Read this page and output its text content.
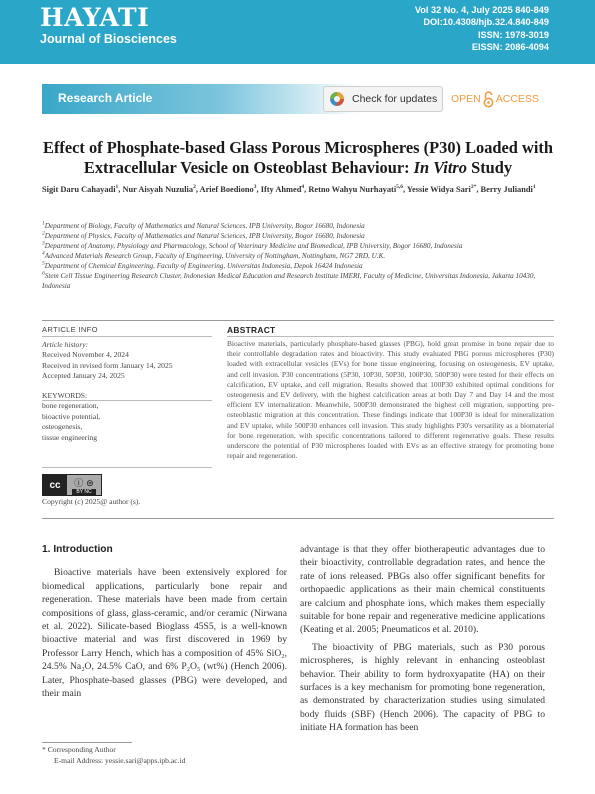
HAYATI
Journal of Biosciences
Vol 32 No. 4, July 2025 840-849
DOI:10.4308/hjb.32.4.840-849
ISSN: 1978-3019
EISSN: 2086-4094
Research Article	Check for updates OPEN ACCESS
Effect of Phosphate-based Glass Porous Microspheres (P30) Loaded with Extracellular Vesicle on Osteoblast Behaviour: In Vitro Study
Sigit Daru Cahayadi$^1$, Nur Aisyah Nuzulia$^2$, Arief Boediono$^3$, Ifty Ahmed$^4$, Retno Wahyu Nurhayati$^{5,6}$, Yessie Widya Sari$^{2*}$, Berry Juliandi$^1$

$^1$Department of Biology, Faculty of Mathematics and Natural Sciences, IPB University, Bogor 16680, Indonesia

$^2$Department of Physics, Faculty of Mathematics and Natural Sciences, IPB University, Bogor 16680, Indonesia

$^3$Department of Anatomy, Physiology and Pharmacology, School of Veterinary Medicine and Biomedical, IPB University, Bogor 16680, Indonesia

$^4$Advanced Materials Research Group, Faculty of Engineering, University of Nottingham, Nottingham, NG7 2RD, U.K.

$^5$Department of Chemical Engineering, Faculty of Engineering, Universitas Indonesia, Depok 16424 Indonesia

$^6$Stem Cell Tissue Engineering Research Cluster, Indonesian Medical Education and Research Institute IMERI, Faculty of Medicine, Universitas Indonesia, Jakarta 10430, Indonesia

ARTICLE INFO
Article history:
Received November 4, 2024
Received in revised form January 14, 2025
Accepted January 24, 2025
KEYWORDS:
bone regeneration,
bioactive potential,
osteogenesis,
tissue engineering
cc	ⓘ ⊜
BY NC
Copyright (c) 2025@ author (s).
ABSTRACT
Bioactive materials, particularly phosphate-based glasses (PBG), hold great promise in bone repair due to their controllable degradation rates and bioactivity. This study evaluated PBG porous microspheres (P30) loaded with extracellular vesicles (EVs) for bone tissue engineering, focusing on osteogenesis, EV uptake, and cell invasion. P30 concentrations (5P30, 10P30, 50P30, 100P30, 500P30) were tested for their effects on calcification, EV uptake, and cell migration. Results showed that 100P30 exhibited optimal conditions for osteogenesis and EV delivery, with the highest calcification areas at both Day 7 and Day 14 and the most efficient EV internalization. Meanwhile, 500P30 demonstrated the highest cell migration, supporting pre-osteoblastic migration at this concentration. These findings indicate that 100P30 is ideal for mineralization and EV uptake, while 500P30 enhances cell invasion. This study highlights P30's versatility as a biomaterial for bone regeneration, with specific concentrations tailored to different regenerative goals. These results underscore the potential of P30 microspheres loaded with EVs as an effective strategy for promoting bone repair and regeneration.
1. Introduction

Bioactive materials have been extensively explored for biomedical applications, particularly bone repair and regeneration. These materials have been made from certain compositions of glass, glass-ceramic, and/or ceramic (Nirwana et al. 2022). Silicate-based Bioglass 45S5, is a well-known bioactive material and was first discovered in 1969 by Professor Larry Hench, which has a composition of 45% SiO₂, 24.5% Na₂O, 24.5% CaO, and 6% P₂O₅ (wt%) (Hench 2006). Later, Phosphate-based glasses (PBG) were developed, and their main

advantage is that they offer biotherapeutic advantages due to their bioactivity, controllable degradation rates, and hence the rate of ions released. PBGs also offer significant benefits for orthopaedic applications as their main chemical constituents are calcium and phosphate ions, which makes them especially suitable for bone repair and regenerative medicine applications (Keating et al. 2005; Pneumaticos et al. 2010).

The bioactivity of PBG materials, such as P30 porous microspheres, is highly relevant in enhancing osteoblast behavior. Their ability to form hydroxyapatite (HA) on their surfaces is a key mechanism for promoting bone regeneration, as demonstrated by characterization studies using simulated body fluids (SBF) (Hench 2006). The capacity of PBG to initiate HA formation has been

* Corresponding Author
E-mail Address: yessie.sari@apps.ipb.ac.id
